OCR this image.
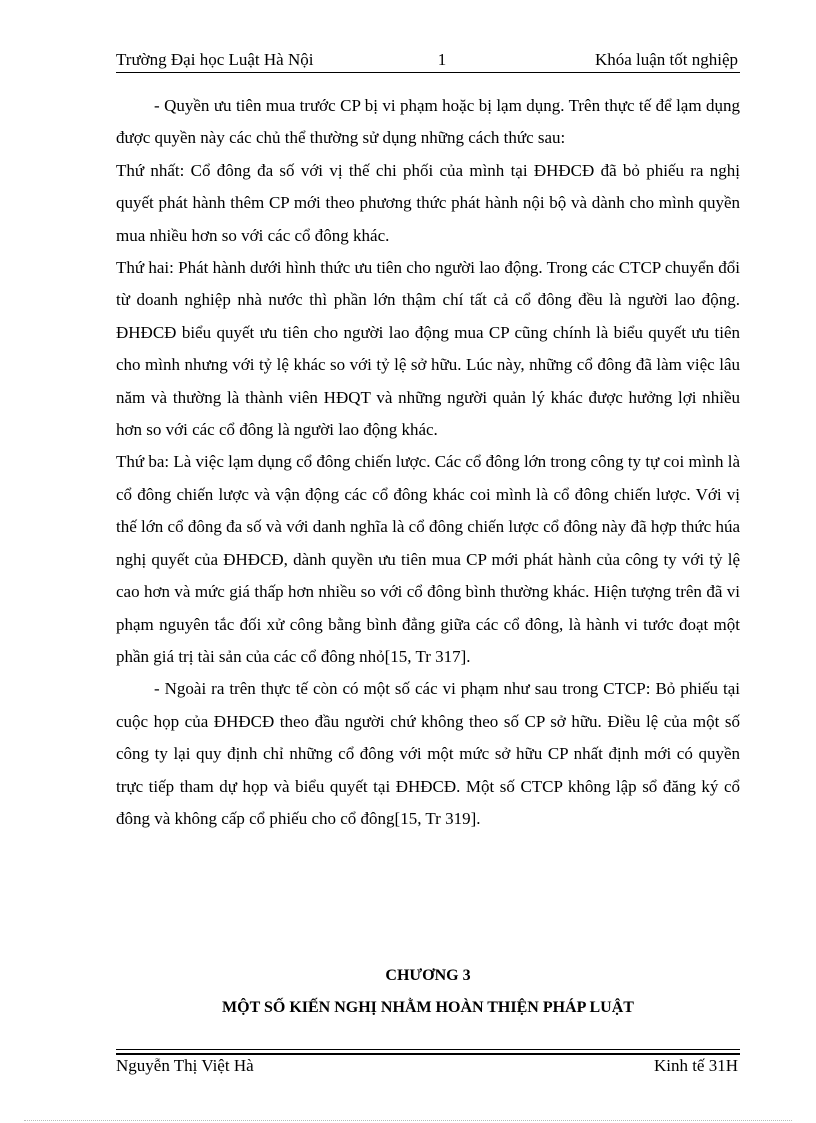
Trường Đại học Luật Hà Nội	1	Khóa luận tốt nghiệp

- Quyền ưu tiên mua trước CP bị vi phạm hoặc bị lạm dụng. Trên thực tế để lạm dụng được quyền này các chủ thể thường sử dụng những cách thức sau:

Thứ nhất: Cổ đông đa số với vị thế chi phối của mình tại ĐHĐCĐ đã bỏ phiếu ra nghị quyết phát hành thêm CP mới theo phương thức phát hành nội bộ và dành cho mình quyền mua nhiều hơn so với các cổ đông khác.

Thứ hai: Phát hành dưới hình thức ưu tiên cho người lao động. Trong các CTCP chuyển đổi từ doanh nghiệp nhà nước thì phần lớn thậm chí tất cả cổ đông đều là người lao động. ĐHĐCĐ biểu quyết ưu tiên cho người lao động mua CP cũng chính là biểu quyết ưu tiên cho mình nhưng với tỷ lệ khác so với tỷ lệ sở hữu. Lúc này, những cổ đông đã làm việc lâu năm và thường là thành viên HĐQT và những người quản lý khác được hưởng lợi nhiều hơn so với các cổ đông là người lao động khác.

Thứ ba: Là việc lạm dụng cổ đông chiến lược. Các cổ đông lớn trong công ty tự coi mình là cổ đông chiến lược và vận động các cổ đông khác coi mình là cổ đông chiến lược. Với vị thế lớn cổ đông đa số và với danh nghĩa là cổ đông chiến lược cổ đông này đã hợp thức húa nghị quyết của ĐHĐCĐ, dành quyền ưu tiên mua CP mới phát hành của công ty với tỷ lệ cao hơn và mức giá thấp hơn nhiều so với cổ đông bình thường khác. Hiện tượng trên đã vi phạm nguyên tắc đối xử công bằng bình đẳng giữa các cổ đông, là hành vi tước đoạt một phần giá trị tài sản của các cổ đông nhỏ[15, Tr 317].

- Ngoài ra trên thực tế còn có một số các vi phạm như sau trong CTCP: Bỏ phiếu tại cuộc họp của ĐHĐCĐ theo đầu người chứ không theo số CP sở hữu. Điều lệ của một số công ty lại quy định chỉ những cổ đông với một mức sở hữu CP nhất định mới có quyền trực tiếp tham dự họp và biểu quyết tại ĐHĐCĐ. Một số CTCP không lập sổ đăng ký cổ đông và không cấp cổ phiếu cho cổ đông[15, Tr 319].

CHƯƠNG 3
MỘT SỐ KIẾN NGHỊ NHẰM HOÀN THIỆN PHÁP LUẬT
Nguyễn Thị Việt Hà	Kinh tế 31H
